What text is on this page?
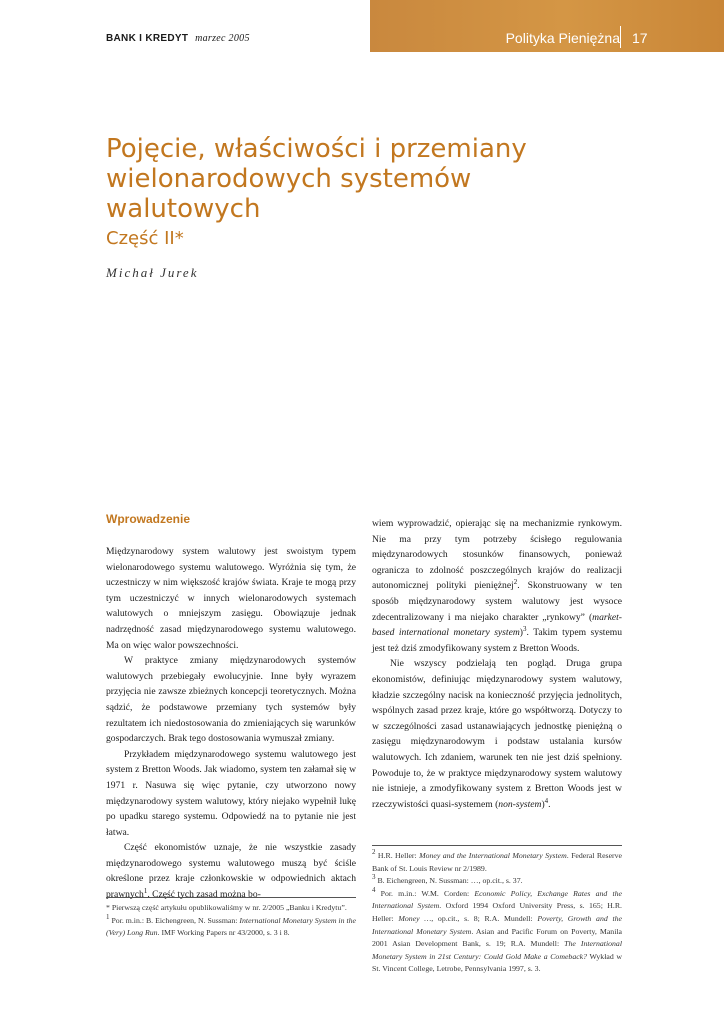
BANK I KREDYT marzec 2005	Polityka Pieniężna 17
Pojęcie, właściwości i przemiany wielonarodowych systemów walutowych
Część II*
Michał Jurek
Wprowadzenie

Międzynarodowy system walutowy jest swoistym typem wielonarodowego systemu walutowego. Wyróżnia się tym, że uczestniczy w nim większość krajów świata. Kraje te mogą przy tym uczestniczyć w innych wielonarodowych systemach walutowych o mniejszym zasięgu. Obowiązuje jednak nadrzędność zasad międzynarodowego systemu walutowego. Ma on więc walor powszechności.

W praktyce zmiany międzynarodowych systemów walutowych przebiegały ewolucyjnie. Inne były wyrazem przyjęcia nie zawsze zbieżnych koncepcji teoretycznych. Można sądzić, że podstawowe przemiany tych systemów były rezultatem ich niedostosowania do zmieniających się warunków gospodarczych. Brak tego dostosowania wymuszał zmiany.

Przykładem międzynarodowego systemu walutowego jest system z Bretton Woods. Jak wiadomo, system ten załamał się w 1971 r. Nasuwa się więc pytanie, czy utworzono nowy międzynarodowy system walutowy, który niejako wypełnił lukę po upadku starego systemu. Odpowiedź na to pytanie nie jest łatwa.

Część ekonomistów uznaje, że nie wszystkie zasady międzynarodowego systemu walutowego muszą być ściśle określone przez kraje członkowskie w odpowiednich aktach prawnych$^1$. Część tych zasad można bo-

* Pierwszą część artykułu opublikowaliśmy w nr. 2/2005 „Banku i Kredytu”.

$^1$ Por. m.in.: B. Eichengreen, N. Sussman: International Monetary System in the (Very) Long Run. IMF Working Papers nr 43/2000, s. 3 i 8.

wiem wyprowadzić, opierając się na mechanizmie rynkowym. Nie ma przy tym potrzeby ścisłego regulowania międzynarodowych stosunków finansowych, ponieważ ogranicza to zdolność poszczególnych krajów do realizacji autonomicznej polityki pieniężnej$^2$. Skonstruowany w ten sposób międzynarodowy system walutowy jest wysoce zdecentralizowany i ma niejako charakter „rynkowy” (market-based international monetary system)$^3$. Takim typem systemu jest też dziś zmodyfikowany system z Bretton Woods.

Nie wszyscy podzielają ten pogląd. Druga grupa ekonomistów, definiując międzynarodowy system walutowy, kładzie szczególny nacisk na konieczność przyjęcia jednolitych, wspólnych zasad przez kraje, które go współtworzą. Dotyczy to w szczególności zasad ustanawiających jednostkę pieniężną o zasięgu międzynarodowym i podstaw ustalania kursów walutowych. Ich zdaniem, warunek ten nie jest dziś spełniony. Powoduje to, że w praktyce międzynarodowy system walutowy nie istnieje, a zmodyfikowany system z Bretton Woods jest w rzeczywistości quasi-systemem (non-system)$^4$.

$^2$ H.R. Heller: Money and the International Monetary System. Federal Reserve Bank of St. Louis Review nr 2/1989.

$^3$ B. Eichengreen, N. Sussman: …, op.cit., s. 37.

$^4$ Por. m.in.: W.M. Corden: Economic Policy, Exchange Rates and the International System. Oxford 1994 Oxford University Press, s. 165; H.R. Heller: Money …, op.cit., s. 8; R.A. Mundell: Poverty, Growth and the International Monetary System. Asian and Pacific Forum on Poverty, Manila 2001 Asian Development Bank, s. 19; R.A. Mundell: The International Monetary System in 21st Century: Could Gold Make a Comeback? Wykład w St. Vincent College, Letrobe, Pennsylvania 1997, s. 3.
